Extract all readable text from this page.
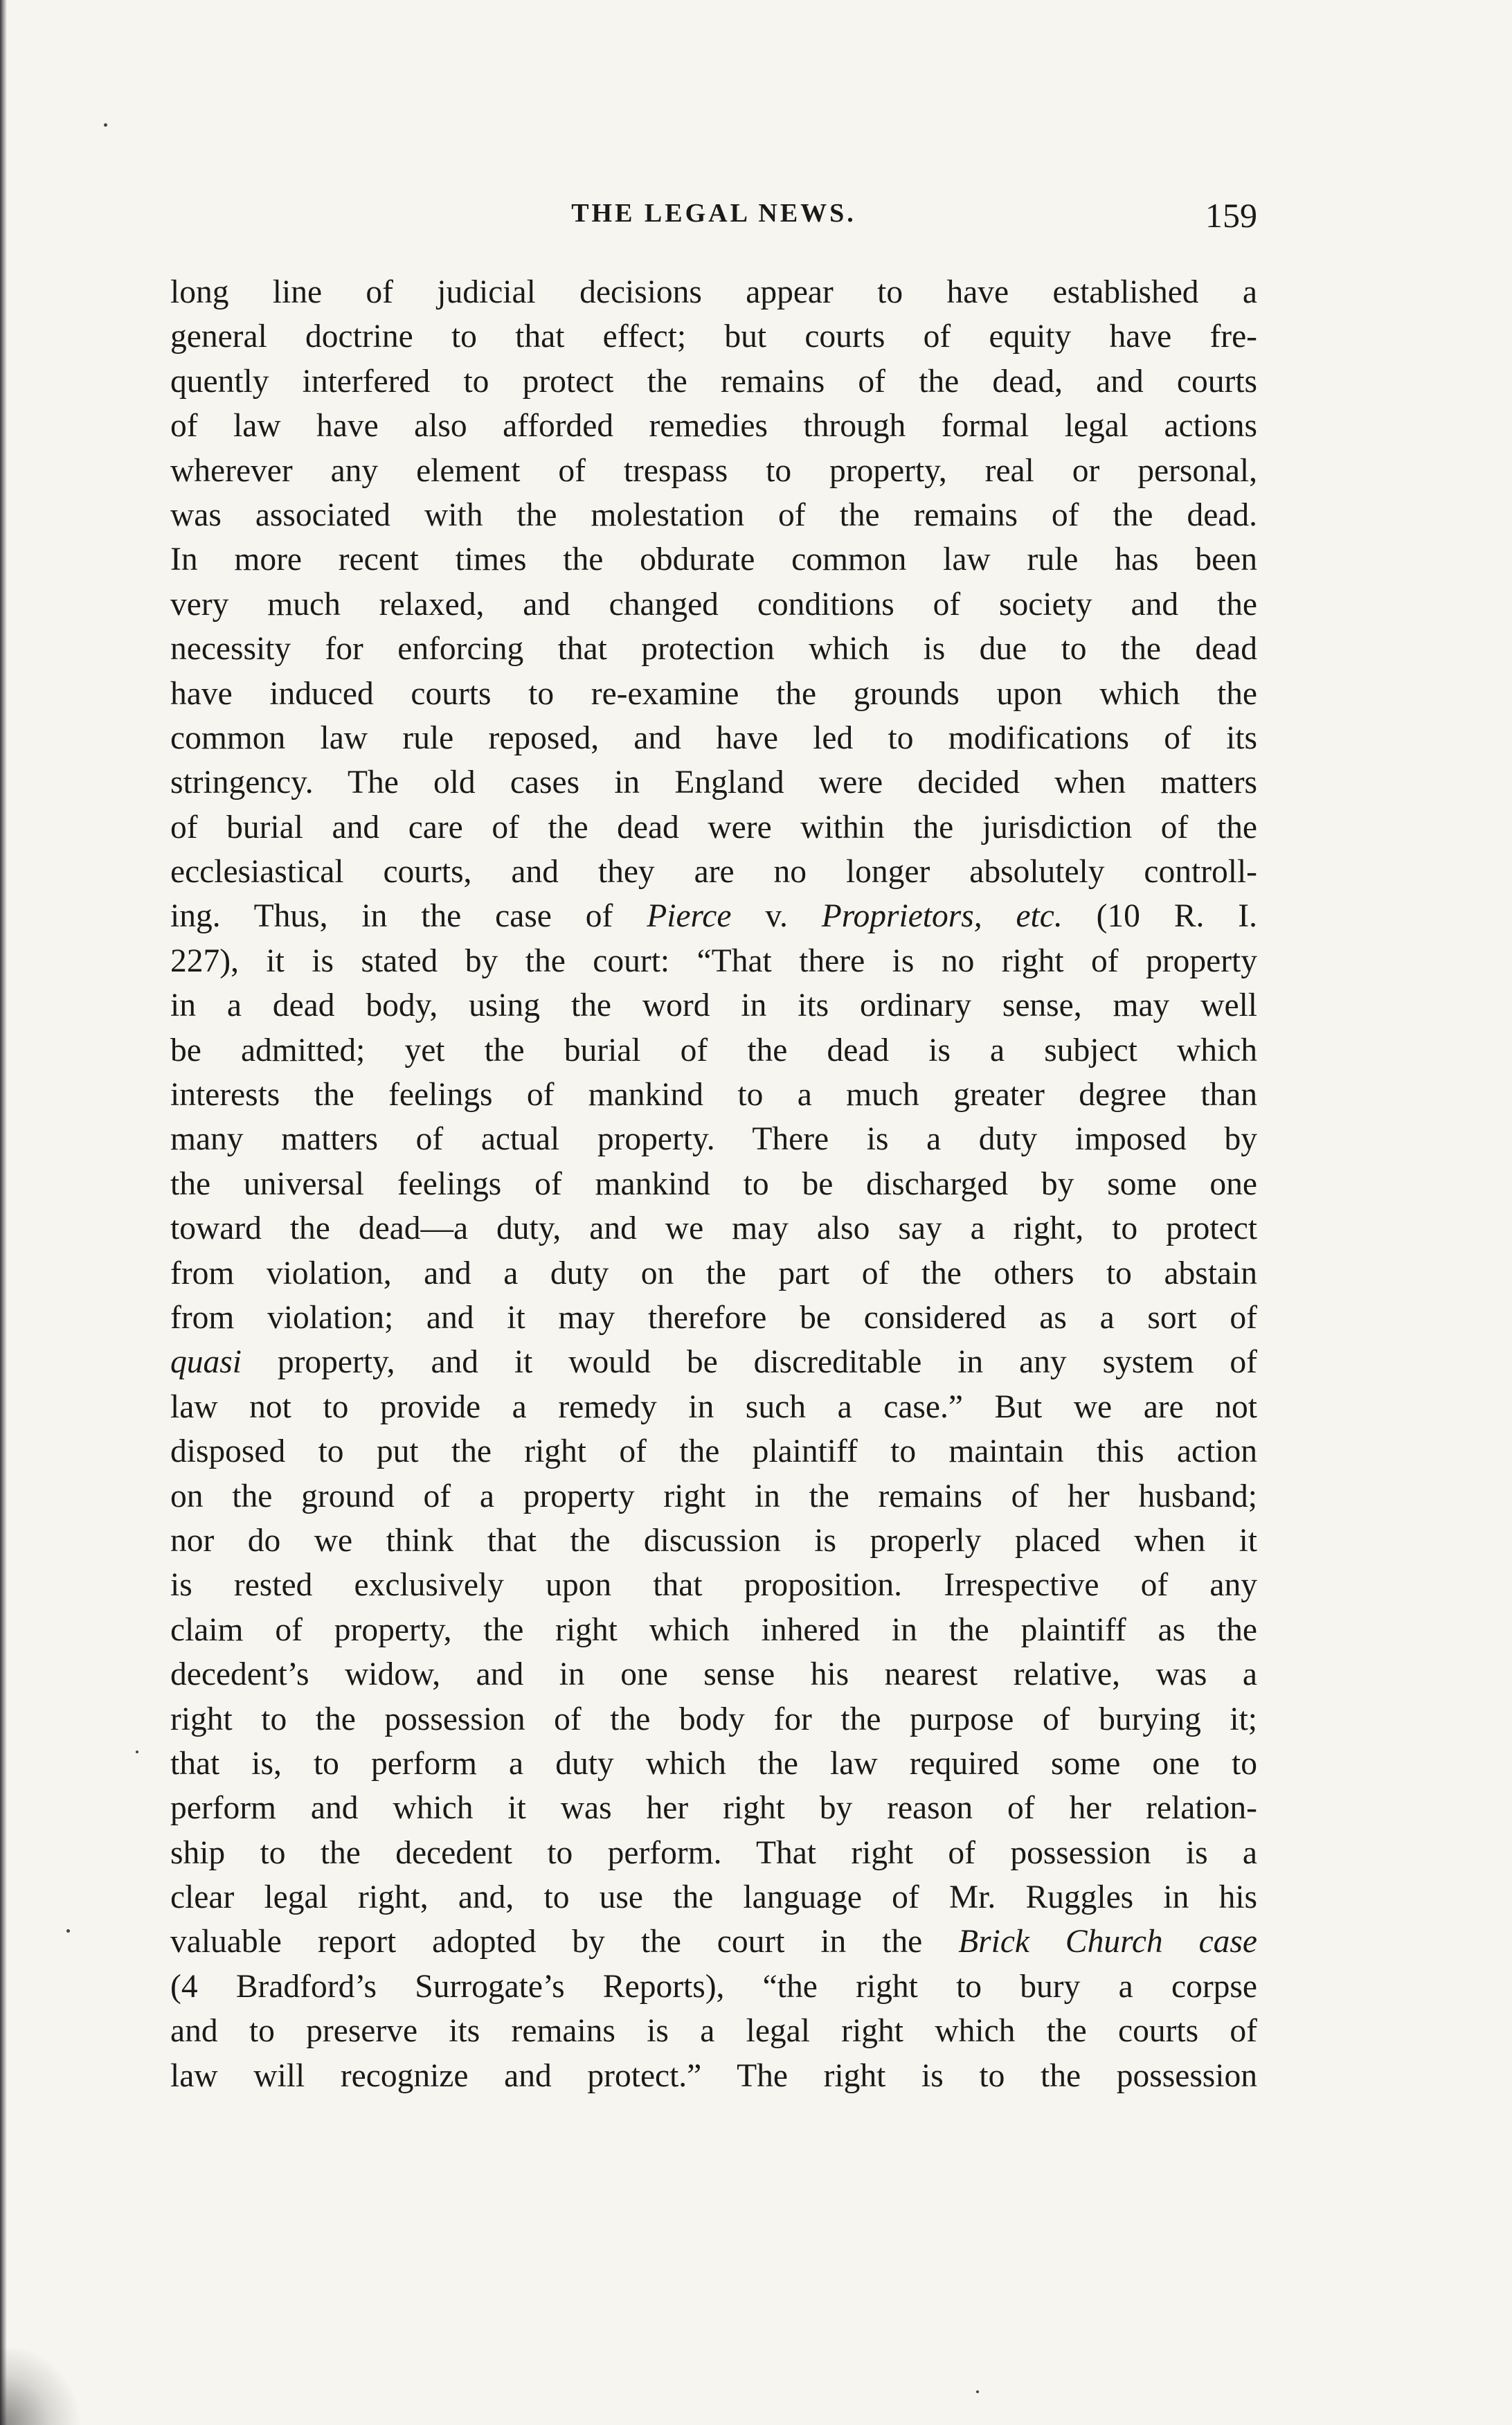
THE LEGAL NEWS.	159
long line of judicial decisions appear to have established a
general doctrine to that effect; but courts of equity have fre-
quently interfered to protect the remains of the dead, and courts
of law have also afforded remedies through formal legal actions
wherever any element of trespass to property, real or personal,
was associated with the molestation of the remains of the dead.
In more recent times the obdurate common law rule has been
very much relaxed, and changed conditions of society and the
necessity for enforcing that protection which is due to the dead
have induced courts to re-examine the grounds upon which the
common law rule reposed, and have led to modifications of its
stringency. The old cases in England were decided when matters
of burial and care of the dead were within the jurisdiction of the
ecclesiastical courts, and they are no longer absolutely controll-
ing. Thus, in the case of Pierce v. Proprietors, etc. (10 R. I.
227), it is stated by the court: “That there is no right of property
in a dead body, using the word in its ordinary sense, may well
be admitted; yet the burial of the dead is a subject which
interests the feelings of mankind to a much greater degree than
many matters of actual property. There is a duty imposed by
the universal feelings of mankind to be discharged by some one
toward the dead—a duty, and we may also say a right, to protect
from violation, and a duty on the part of the others to abstain
from violation; and it may therefore be considered as a sort of
quasi property, and it would be discreditable in any system of
law not to provide a remedy in such a case.” But we are not
disposed to put the right of the plaintiff to maintain this action
on the ground of a property right in the remains of her husband;
nor do we think that the discussion is properly placed when it
is rested exclusively upon that proposition. Irrespective of any
claim of property, the right which inhered in the plaintiff as the
decedent’s widow, and in one sense his nearest relative, was a
right to the possession of the body for the purpose of burying it;
that is, to perform a duty which the law required some one to
perform and which it was her right by reason of her relation-
ship to the decedent to perform. That right of possession is a
clear legal right, and, to use the language of Mr. Ruggles in his
valuable report adopted by the court in the Brick Church case
(4 Bradford’s Surrogate’s Reports), “the right to bury a corpse
and to preserve its remains is a legal right which the courts of
law will recognize and protect.” The right is to the possession
